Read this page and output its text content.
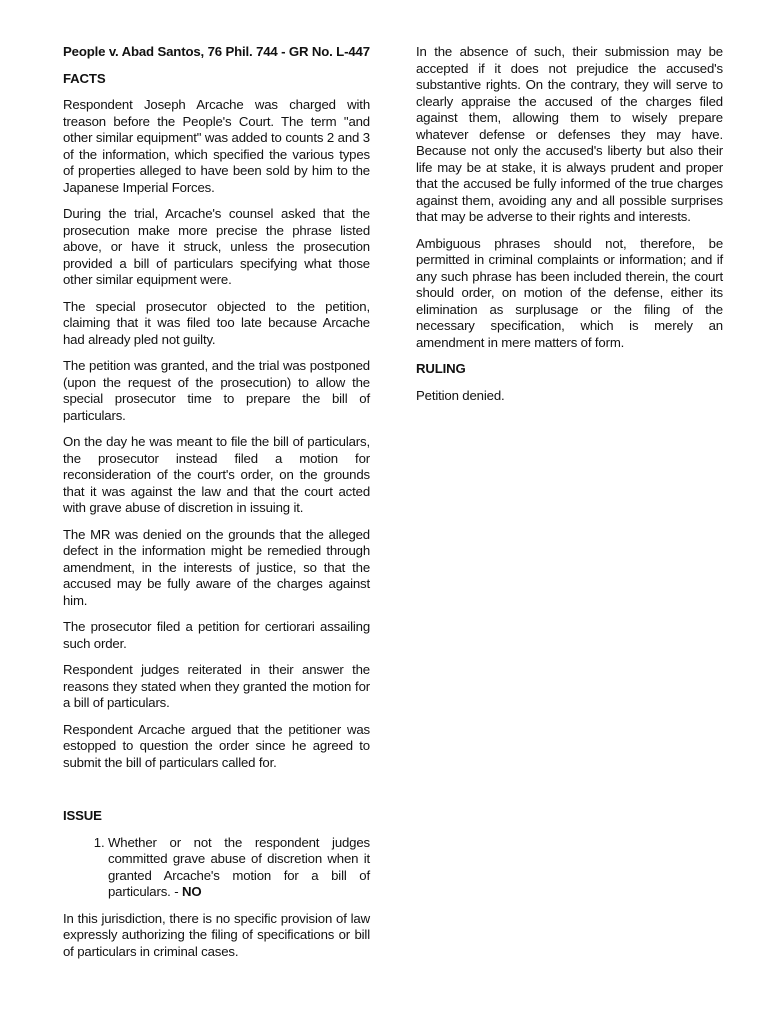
People v. Abad Santos, 76 Phil. 744 - GR No. L-447
FACTS

Respondent Joseph Arcache was charged with treason before the People's Court. The term "and other similar equipment" was added to counts 2 and 3 of the information, which specified the various types of properties alleged to have been sold by him to the Japanese Imperial Forces.

During the trial, Arcache's counsel asked that the prosecution make more precise the phrase listed above, or have it struck, unless the prosecution provided a bill of particulars specifying what those other similar equipment were.

The special prosecutor objected to the petition, claiming that it was filed too late because Arcache had already pled not guilty.

The petition was granted, and the trial was postponed (upon the request of the prosecution) to allow the special prosecutor time to prepare the bill of particulars.

On the day he was meant to file the bill of particulars, the prosecutor instead filed a motion for reconsideration of the court's order, on the grounds that it was against the law and that the court acted with grave abuse of discretion in issuing it.

The MR was denied on the grounds that the alleged defect in the information might be remedied through amendment, in the interests of justice, so that the accused may be fully aware of the charges against him.

The prosecutor filed a petition for certiorari assailing such order.

Respondent judges reiterated in their answer the reasons they stated when they granted the motion for a bill of particulars.

Respondent Arcache argued that the petitioner was estopped to question the order since he agreed to submit the bill of particulars called for.

ISSUE
1. Whether or not the respondent judges committed grave abuse of discretion when it granted Arcache's motion for a bill of particulars. - NO

In this jurisdiction, there is no specific provision of law expressly authorizing the filing of specifications or bill of particulars in criminal cases.

In the absence of such, their submission may be accepted if it does not prejudice the accused's substantive rights. On the contrary, they will serve to clearly appraise the accused of the charges filed against them, allowing them to wisely prepare whatever defense or defenses they may have. Because not only the accused's liberty but also their life may be at stake, it is always prudent and proper that the accused be fully informed of the true charges against them, avoiding any and all possible surprises that may be adverse to their rights and interests.

Ambiguous phrases should not, therefore, be permitted in criminal complaints or information; and if any such phrase has been included therein, the court should order, on motion of the defense, either its elimination as surplusage or the filing of the necessary specification, which is merely an amendment in mere matters of form.

RULING

Petition denied.
